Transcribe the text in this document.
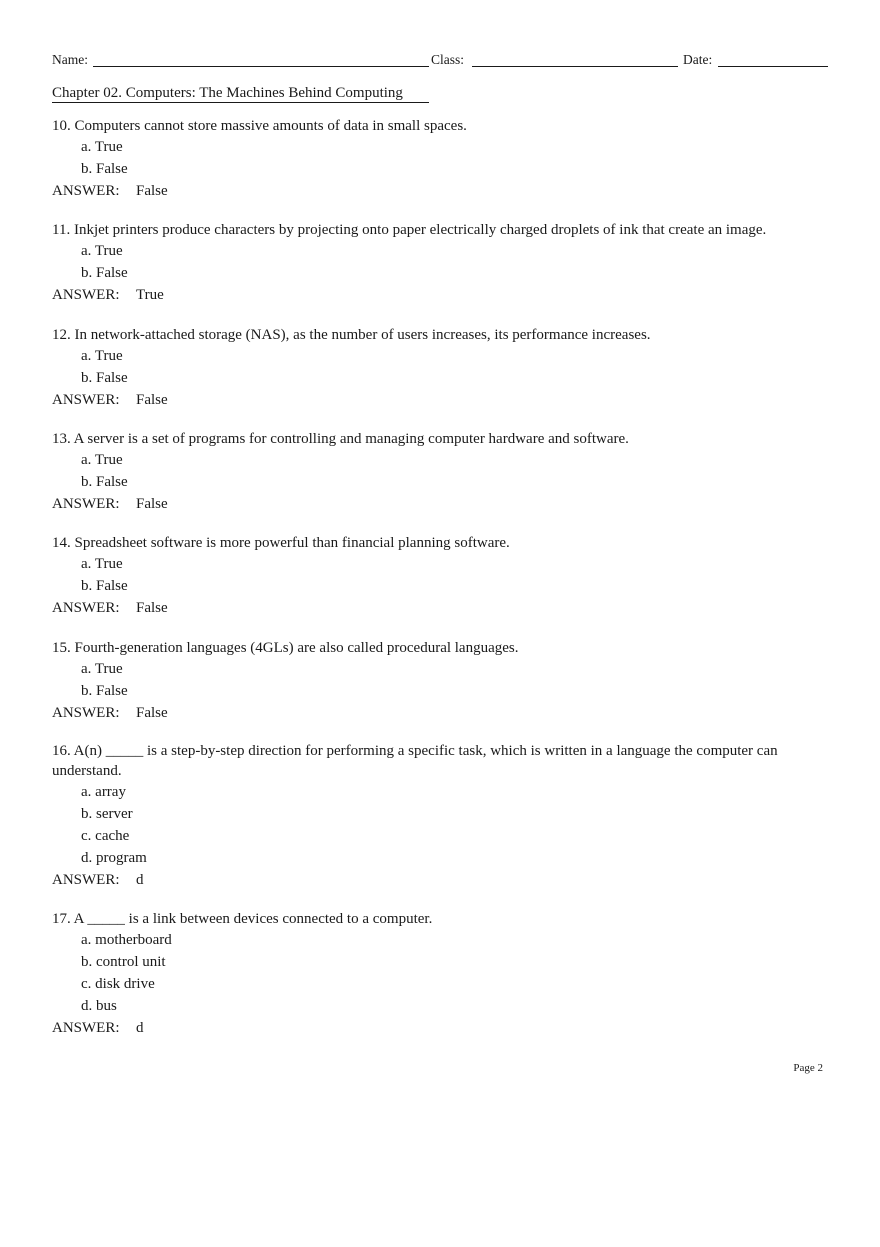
Name:	Class:	Date:
Chapter 02. Computers: The Machines Behind Computing

10. Computers cannot store massive amounts of data in small spaces.

a. True

b. False

ANSWER: False

11. Inkjet printers produce characters by projecting onto paper electrically charged droplets of ink that create an image.

a. True

b. False

ANSWER: True

12. In network-attached storage (NAS), as the number of users increases, its performance increases.

a. True

b. False

ANSWER: False

13. A server is a set of programs for controlling and managing computer hardware and software.

a. True

b. False

ANSWER: False

14. Spreadsheet software is more powerful than financial planning software.

a. True

b. False

ANSWER: False

15. Fourth-generation languages (4GLs) are also called procedural languages.

a. True

b. False

ANSWER: False

16. A(n) _____ is a step-by-step direction for performing a specific task, which is written in a language the computer can understand.

a. array

b. server

c. cache

d. program

ANSWER: d

17. A _____ is a link between devices connected to a computer.

a. motherboard

b. control unit

c. disk drive

d. bus

ANSWER: d

Page 2
